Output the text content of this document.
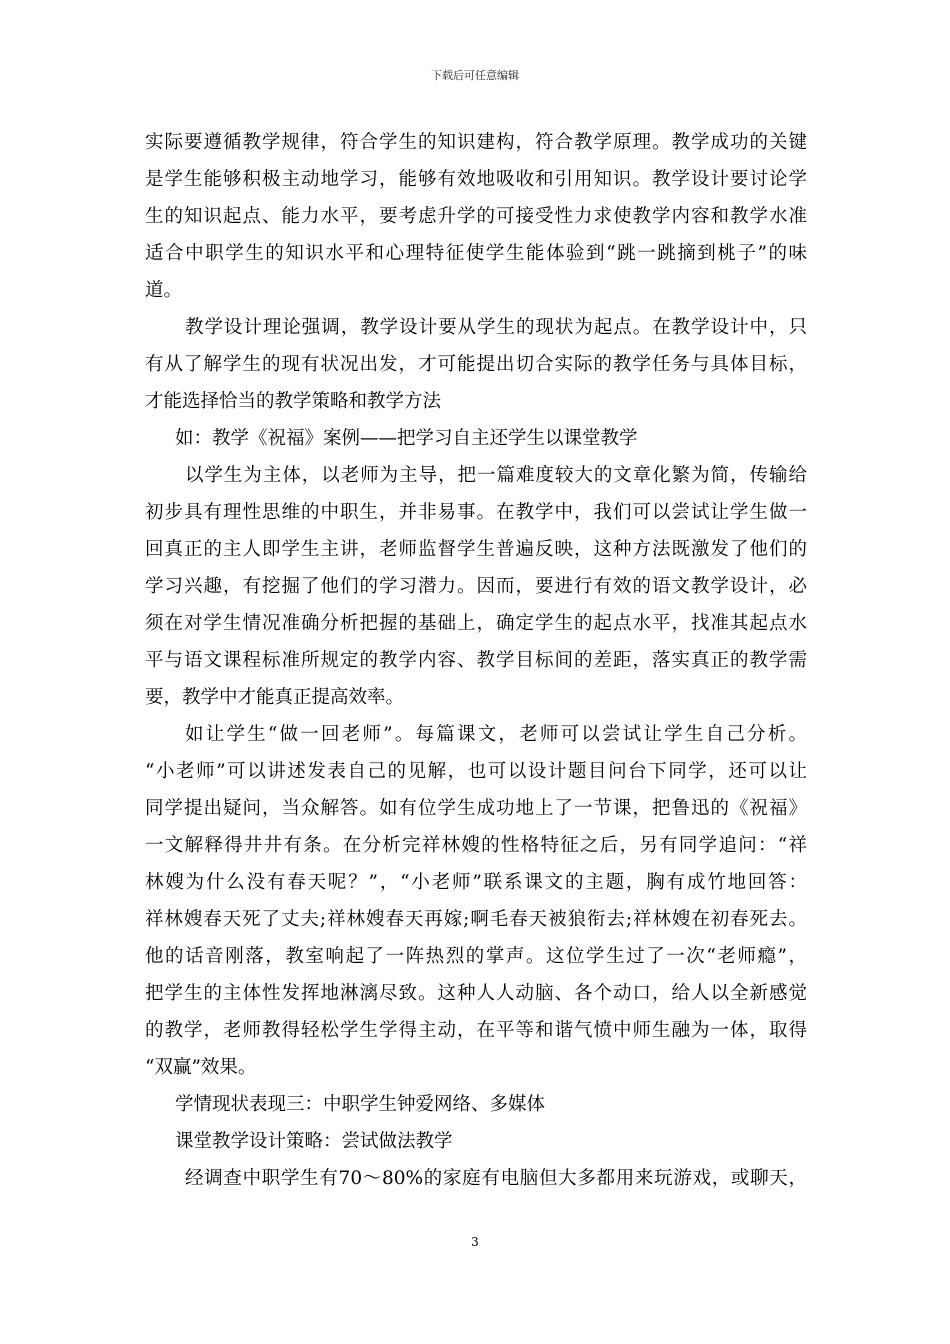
下载后可任意编辑
实际要遵循教学规律，符合学生的知识建构，符合教学原理。教学成功的关键
是学生能够积极主动地学习，能够有效地吸收和引用知识。教学设计要讨论学
生的知识起点、能力水平，要考虑升学的可接受性力求使教学内容和教学水准
适合中职学生的知识水平和心理特征使学生能体验到“跳一跳摘到桃子”的味
道。
教学设计理论强调，教学设计要从学生的现状为起点。在教学设计中，只
有从了解学生的现有状况出发，才可能提出切合实际的教学任务与具体目标，
才能选择恰当的教学策略和教学方法
如：教学《祝福》案例——把学习自主还学生以课堂教学
以学生为主体，以老师为主导，把一篇难度较大的文章化繁为简，传输给
初步具有理性思维的中职生，并非易事。在教学中，我们可以尝试让学生做一
回真正的主人即学生主讲，老师监督学生普遍反映，这种方法既激发了他们的
学习兴趣，有挖掘了他们的学习潜力。因而，要进行有效的语文教学设计，必
须在对学生情况准确分析把握的基础上，确定学生的起点水平，找准其起点水
平与语文课程标准所规定的教学内容、教学目标间的差距，落实真正的教学需
要，教学中才能真正提高效率。
如让学生“做一回老师”。每篇课文，老师可以尝试让学生自己分析。
“小老师”可以讲述发表自己的见解，也可以设计题目问台下同学，还可以让
同学提出疑问，当众解答。如有位学生成功地上了一节课，把鲁迅的《祝福》
一文解释得井井有条。在分析完祥林嫂的性格特征之后，另有同学追问：“祥
林嫂为什么没有春天呢？”，“小老师”联系课文的主题，胸有成竹地回答：
祥林嫂春天死了丈夫;祥林嫂春天再嫁;啊毛春天被狼衔去;祥林嫂在初春死去。
他的话音刚落，教室响起了一阵热烈的掌声。这位学生过了一次“老师瘾”，
把学生的主体性发挥地淋漓尽致。这种人人动脑、各个动口，给人以全新感觉
的教学，老师教得轻松学生学得主动，在平等和谐气愤中师生融为一体，取得
“双赢”效果。
学情现状表现三：中职学生钟爱网络、多媒体
课堂教学设计策略：尝试做法教学
经调查中职学生有70～80%的家庭有电脑但大多都用来玩游戏，或聊天，
3
